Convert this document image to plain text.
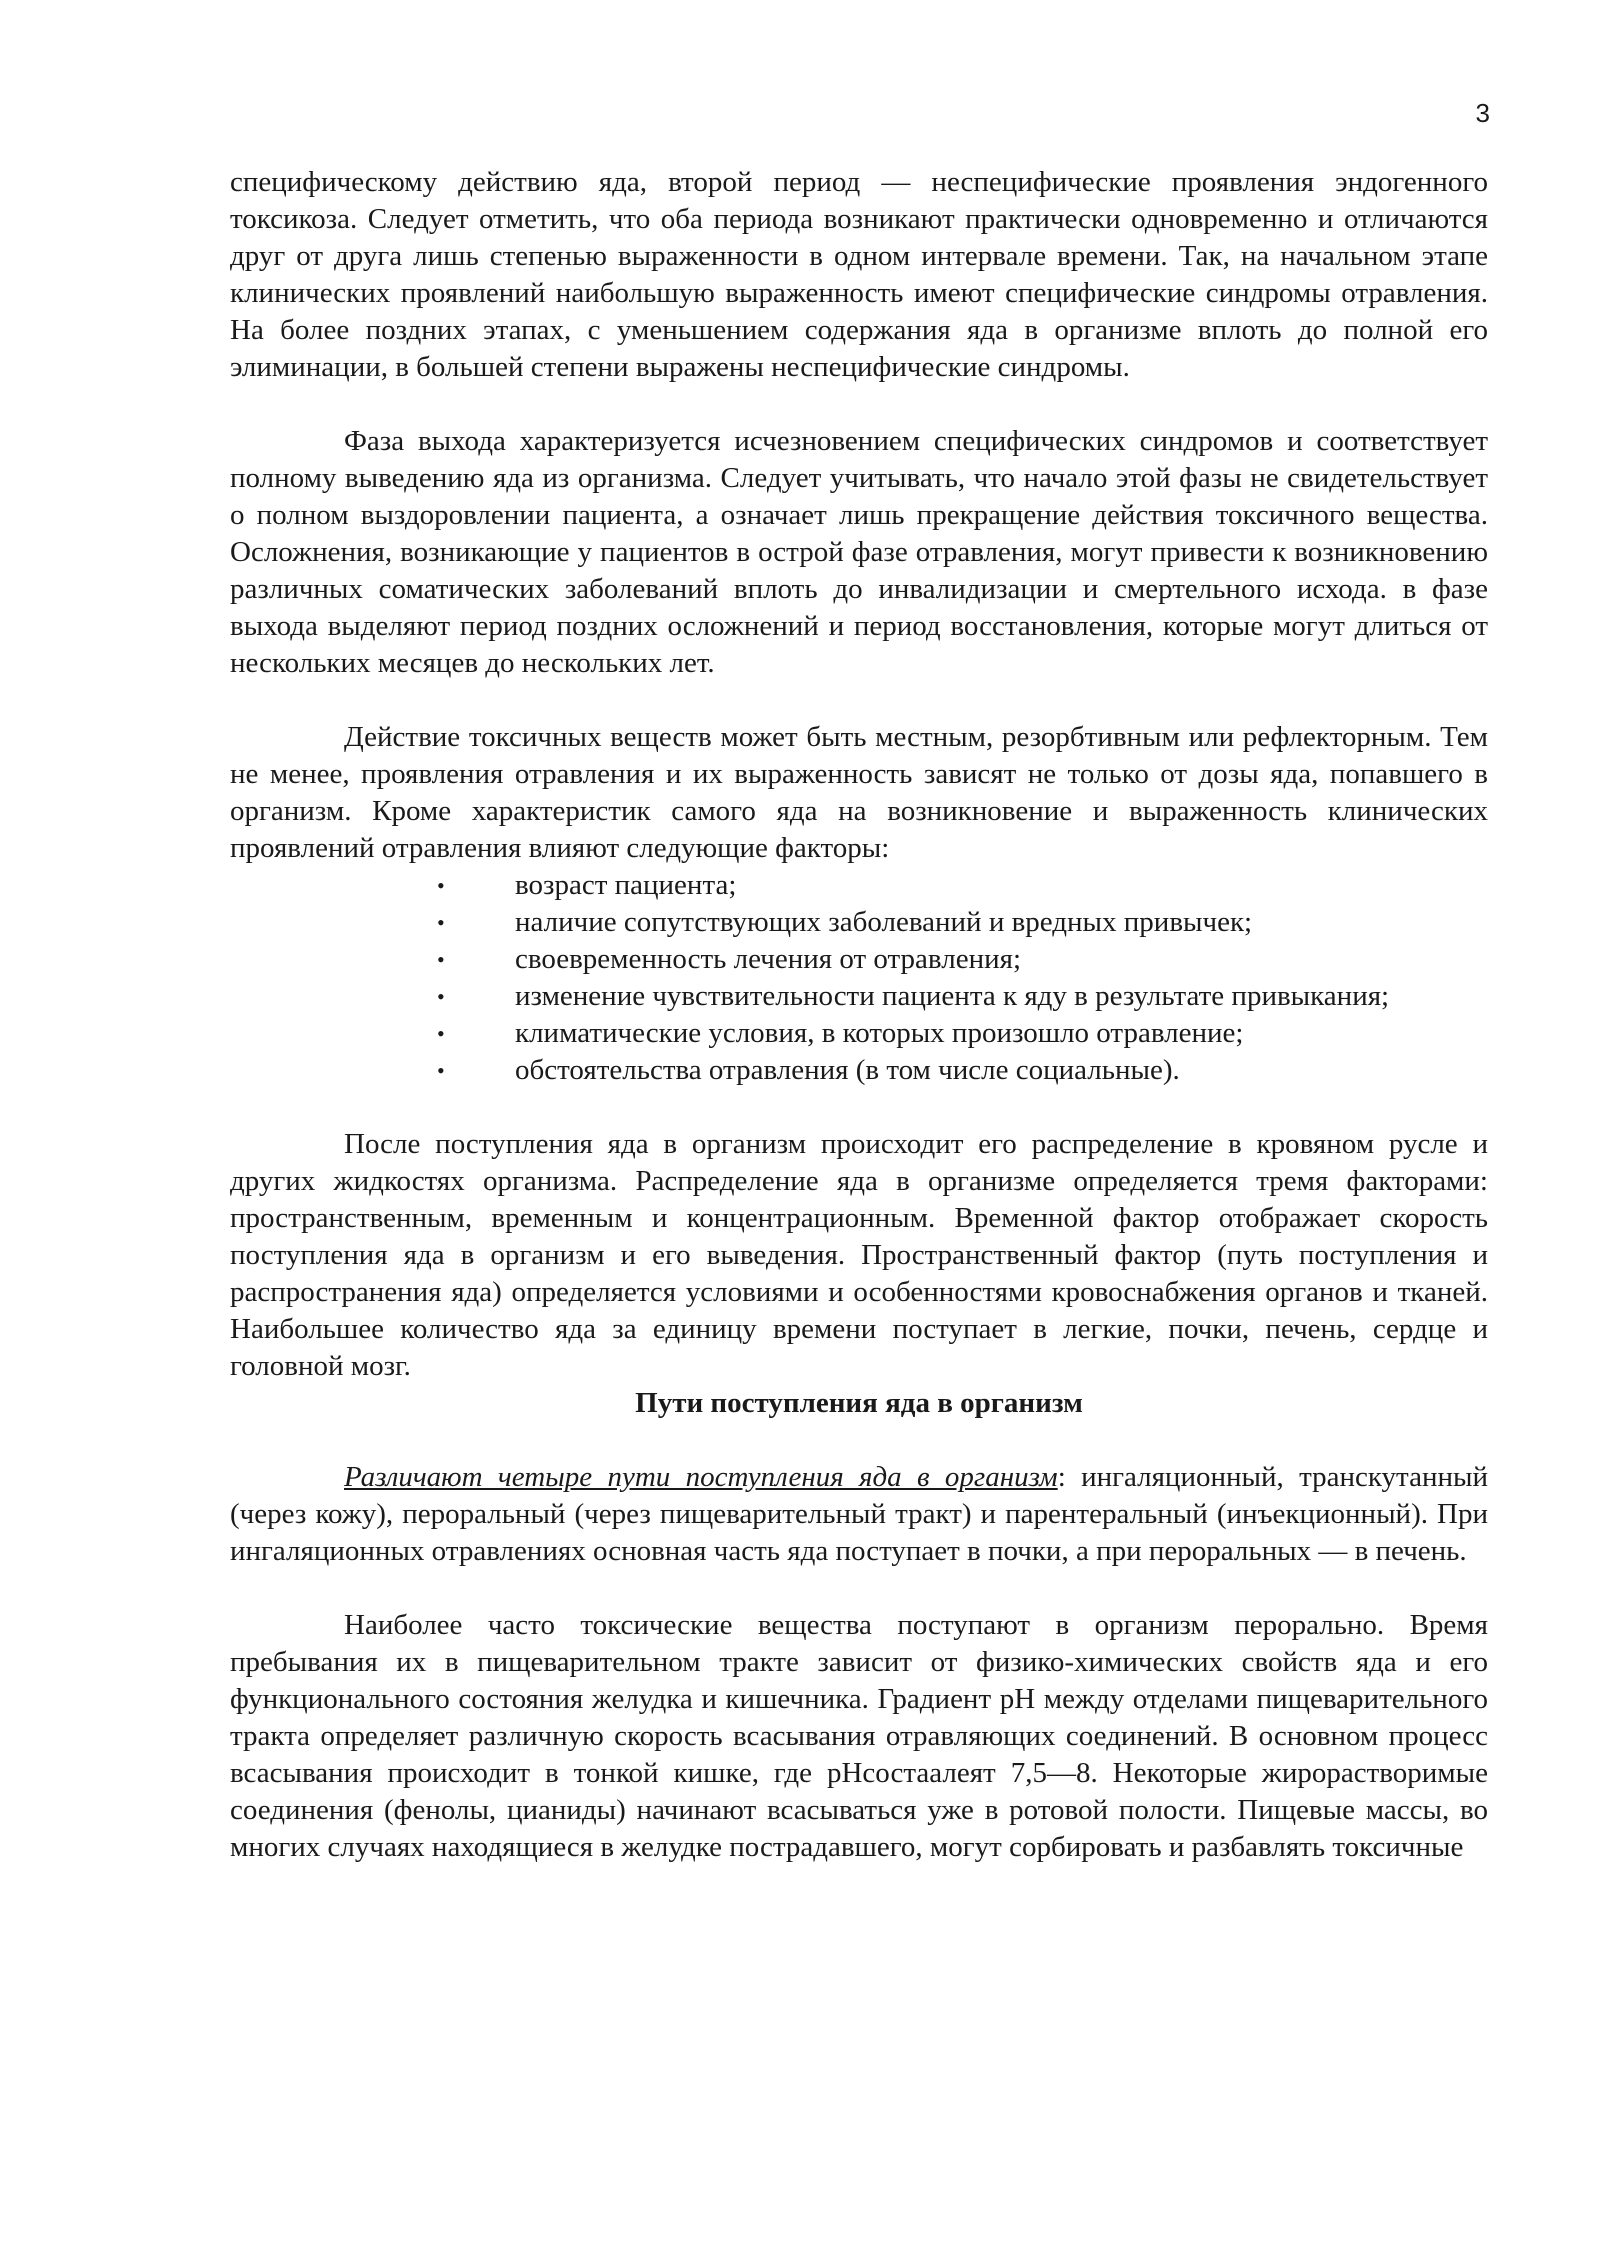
3

специфическому действию яда, второй период — неспецифические проявления эндогенного токсикоза. Следует отметить, что оба периода возникают практически одновременно и отличаются друг от друга лишь степенью выраженности в одном интервале времени. Так, на начальном этапе клинических проявлений наибольшую выраженность имеют специфические синдромы отравления. На более поздних этапах, с уменьшением содержания яда в организме вплоть до полной его элиминации, в большей степени выражены неспецифические синдромы.

Фаза выхода характеризуется исчезновением специфических синдромов и соответствует полному выведению яда из организма. Следует учитывать, что начало этой фазы не свидетельствует о полном выздоровлении пациента, а означает лишь прекращение действия токсичного вещества. Осложнения, возникающие у пациентов в острой фазе отравления, могут привести к возникновению различных соматических заболеваний вплоть до инвалидизации и смертельного исхода. в фазе выхода выделяют период поздних осложнений и период восстановления, которые могут длиться от нескольких месяцев до нескольких лет.

Действие токсичных веществ может быть местным, резорбтивным или рефлекторным. Тем не менее, проявления отравления и их выраженность зависят не только от дозы яда, попавшего в организм. Кроме характеристик самого яда на возникновение и выраженность клинических проявлений отравления влияют следующие факторы:

• возраст пациента;
• наличие сопутствующих заболеваний и вредных привычек;
• своевременность лечения от отравления;
• изменение чувствительности пациента к яду в результате привыкания;
• климатические условия, в которых произошло отравление;
• обстоятельства отравления (в том числе социальные).

После поступления яда в организм происходит его распределение в кровяном русле и других жидкостях организма. Распределение яда в организме определяется тремя факторами: пространственным, временным и концентрационным. Временной фактор отображает скорость поступления яда в организм и его выведения. Пространственный фактор (путь поступления и распространения яда) определяется условиями и особенностями кровоснабжения органов и тканей. Наибольшее количество яда за единицу времени поступает в легкие, почки, печень, сердце и головной мозг.

Пути поступления яда в организм

Различают четыре пути поступления яда в организм: ингаляционный, транскутанный (через кожу), пероральный (через пищеварительный тракт) и парентеральный (инъекционный). При ингаляционных отравлениях основная часть яда поступает в почки, а при пероральных — в печень.

Наиболее часто токсические вещества поступают в организм перорально. Время пребывания их в пищеварительном тракте зависит от физико-химических свойств яда и его функционального состояния желудка и кишечника. Градиент pH между отделами пищеварительного тракта определяет различную скорость всасывания отравляющих соединений. В основном процесс всасывания происходит в тонкой кишке, где pHсостаалеят 7,5—8. Некоторые жирорастворимые соединения (фенолы, цианиды) начинают всасываться уже в ротовой полости. Пищевые массы, во многих случаях находящиеся в желудке пострадавшего, могут сорбировать и разбавлять токсичные
